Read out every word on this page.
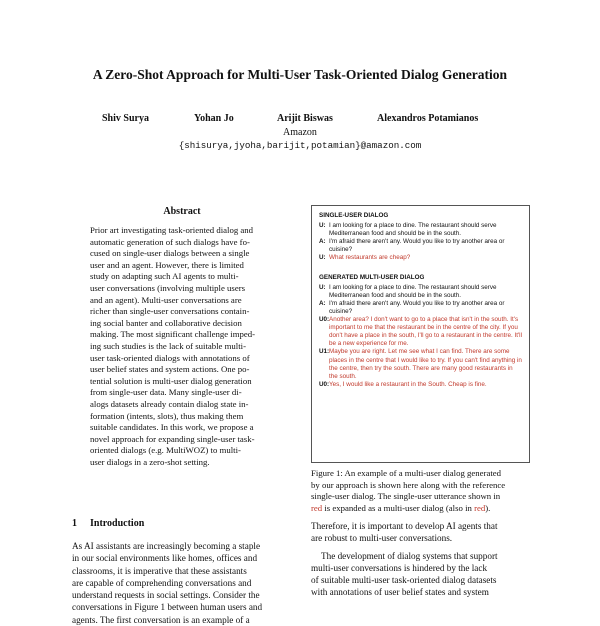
A Zero-Shot Approach for Multi-User Task-Oriented Dialog Generation
Shiv Surya	Yohan Jo	Arijit Biswas	Alexandros Potamianos
Amazon
{shisurya,jyoha,barijit,potamian}@amazon.com
Abstract
Prior art investigating task-oriented dialog and
automatic generation of such dialogs have fo-
cused on single-user dialogs between a single
user and an agent. However, there is limited
study on adapting such AI agents to multi-
user conversations (involving multiple users
and an agent). Multi-user conversations are
richer than single-user conversations contain-
ing social banter and collaborative decision
making. The most significant challenge imped-
ing such studies is the lack of suitable multi-
user task-oriented dialogs with annotations of
user belief states and system actions. One po-
tential solution is multi-user dialog generation
from single-user data. Many single-user di-
alogs datasets already contain dialog state in-
formation (intents, slots), thus making them
suitable candidates. In this work, we propose a
novel approach for expanding single-user task-
oriented dialogs (e.g. MultiWOZ) to multi-
user dialogs in a zero-shot setting.
1 Introduction
As AI assistants are increasingly becoming a staple
in our social environments like homes, offices and
classrooms, it is imperative that these assistants
are capable of comprehending conversations and
understand requests in social settings. Consider the
conversations in Figure 1 between human users and
agents. The first conversation is an example of a
SINGLE-USER DIALOG
U: I am looking for a place to dine. The restaurant should serve Mediterranean food and should be in the south.
A: I'm afraid there aren't any. Would you like to try another area or cuisine?
U: What restaurants are cheap?
GENERATED MULTI-USER DIALOG
U: I am looking for a place to dine. The restaurant should serve Mediterranean food and should be in the south.
A: I'm afraid there aren't any. Would you like to try another area or cuisine?
U0: Another area? I don't want to go to a place that isn't in the south. It's important to me that the restaurant be in the centre of the city. If you don't have a place in the south, I'll go to a restaurant in the centre. It'll be a new experience for me.
U1: Maybe you are right. Let me see what I can find. There are some places in the centre that I would like to try. If you can't find anything in the centre, then try the south. There are many good restaurants in the south.
U0: Yes, I would like a restaurant in the South. Cheap is fine.
Figure 1: An example of a multi-user dialog generated
by our approach is shown here along with the reference
single-user dialog. The single-user utterance shown in
red is expanded as a multi-user dialog (also in red).

Therefore, it is important to develop AI agents that
are robust to multi-user conversations.

The development of dialog systems that support
multi-user conversations is hindered by the lack
of suitable multi-user task-oriented dialog datasets
with annotations of user belief states and system
